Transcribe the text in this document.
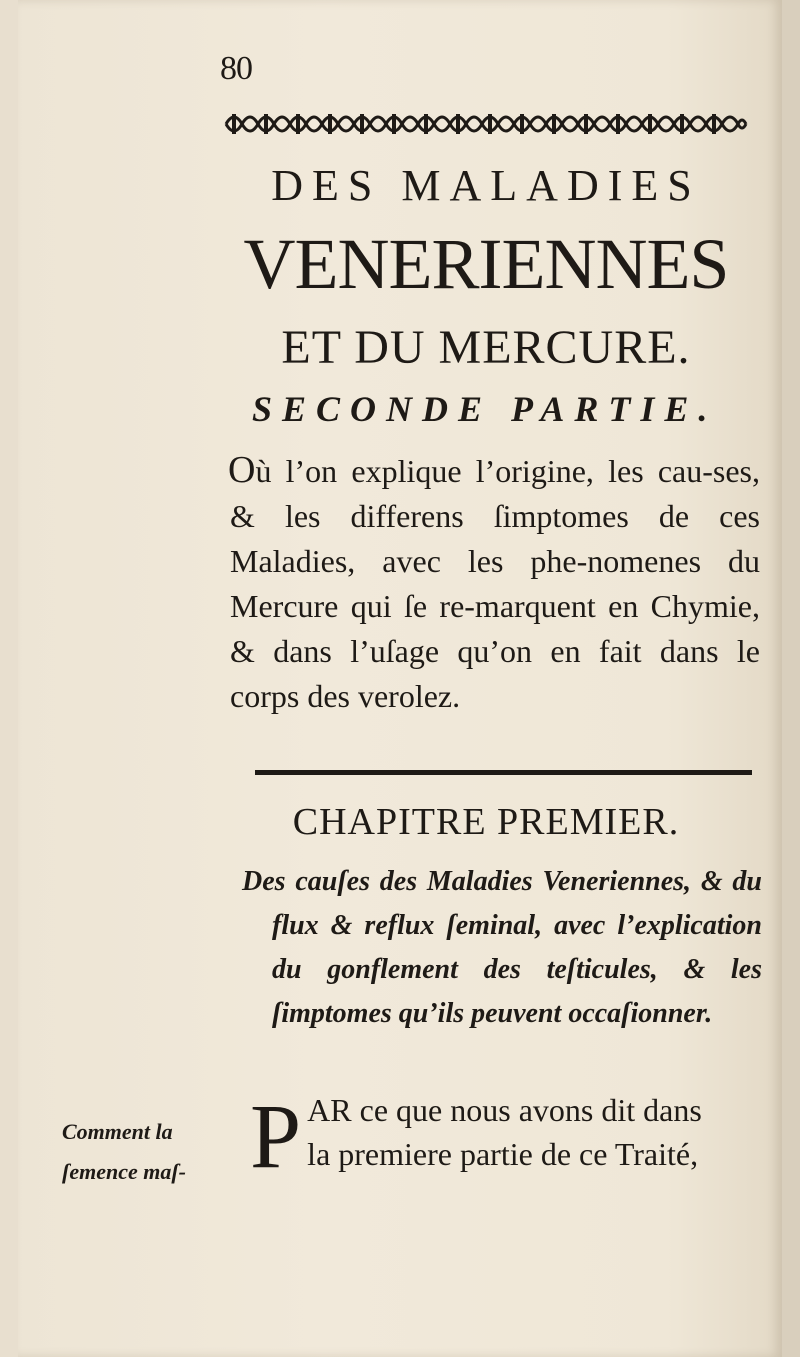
80
DES MALADIES
VENERIENNES
ET DU MERCURE.
SECONDE PARTIE.
Où l’on explique l’origine, les cau-ses, & les differens ſimptomes de ces Maladies, avec les phe-nomenes du Mercure qui ſe re-marquent en Chymie, & dans l’uſage qu’on en fait dans le corps des verolez.
CHAPITRE PREMIER.
Des cauſes des Maladies Veneriennes, & du flux & reflux ſeminal, avec l’explication du gonflement des teſticules, & les ſimptomes qu’ils peuvent occaſionner.
Comment la
ſemence maſ- P AR ce que nous avons dit dans
la premiere partie de ce Traité,
